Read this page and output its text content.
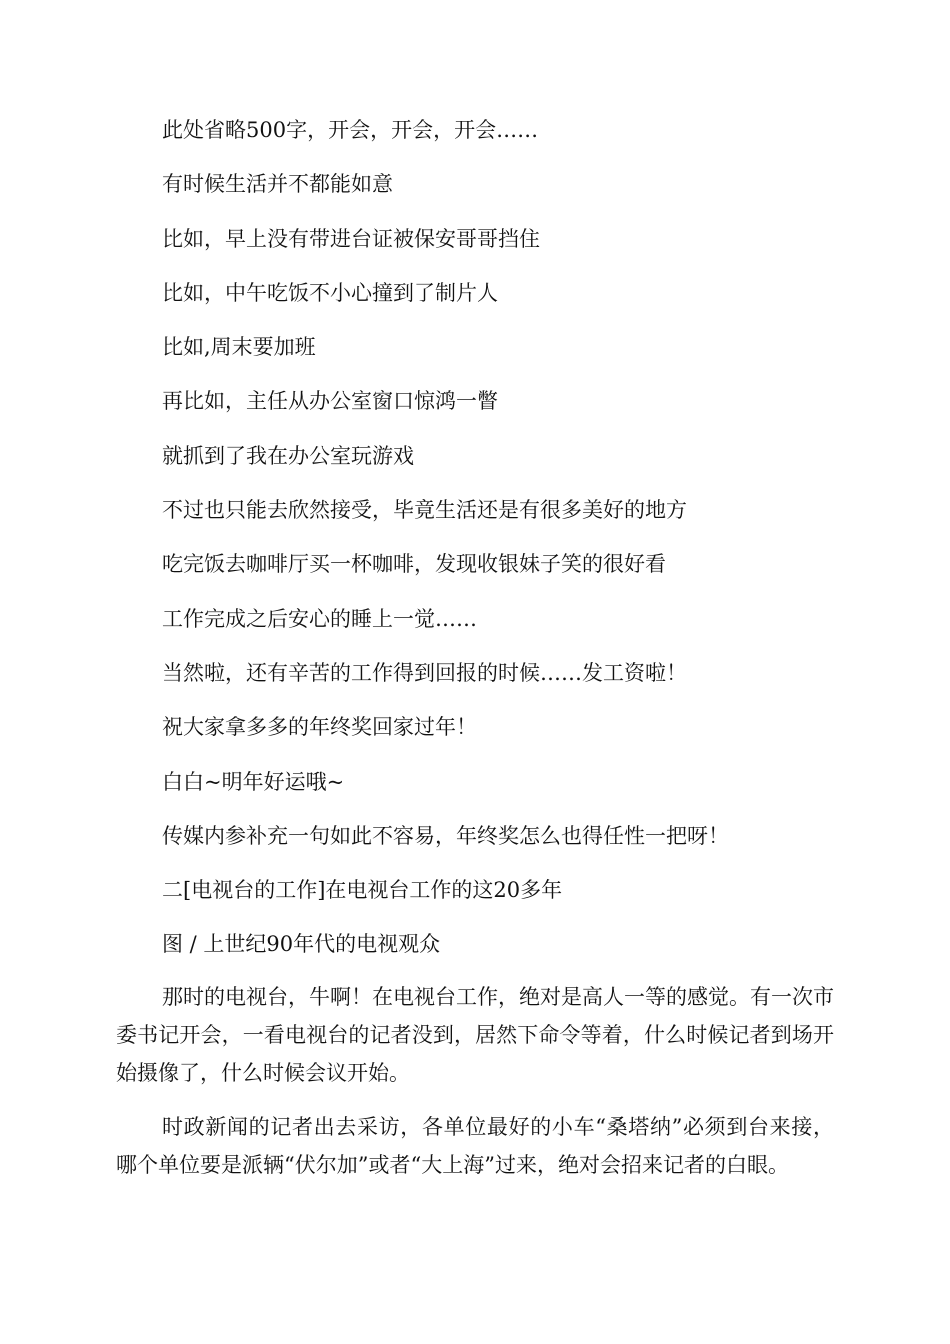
此处省略500字，开会，开会，开会……
有时候生活并不都能如意
比如，早上没有带进台证被保安哥哥挡住
比如，中午吃饭不小心撞到了制片人
比如,周末要加班
再比如，主任从办公室窗口惊鸿一瞥
就抓到了我在办公室玩游戏
不过也只能去欣然接受，毕竟生活还是有很多美好的地方
吃完饭去咖啡厅买一杯咖啡，发现收银妹子笑的很好看
工作完成之后安心的睡上一觉……
当然啦，还有辛苦的工作得到回报的时候……发工资啦！
祝大家拿多多的年终奖回家过年！
白白~明年好运哦~
传媒内参补充一句如此不容易，年终奖怎么也得任性一把呀！
二[电视台的工作]在电视台工作的这20多年
图 / 上世纪90年代的电视观众

那时的电视台，牛啊！在电视台工作，绝对是高人一等的感觉。有一次市委书记开会，一看电视台的记者没到，居然下命令等着，什么时候记者到场开始摄像了，什么时候会议开始。

时政新闻的记者出去采访，各单位最好的小车“桑塔纳”必须到台来接，哪个单位要是派辆“伏尔加”或者“大上海”过来，绝对会招来记者的白眼。
